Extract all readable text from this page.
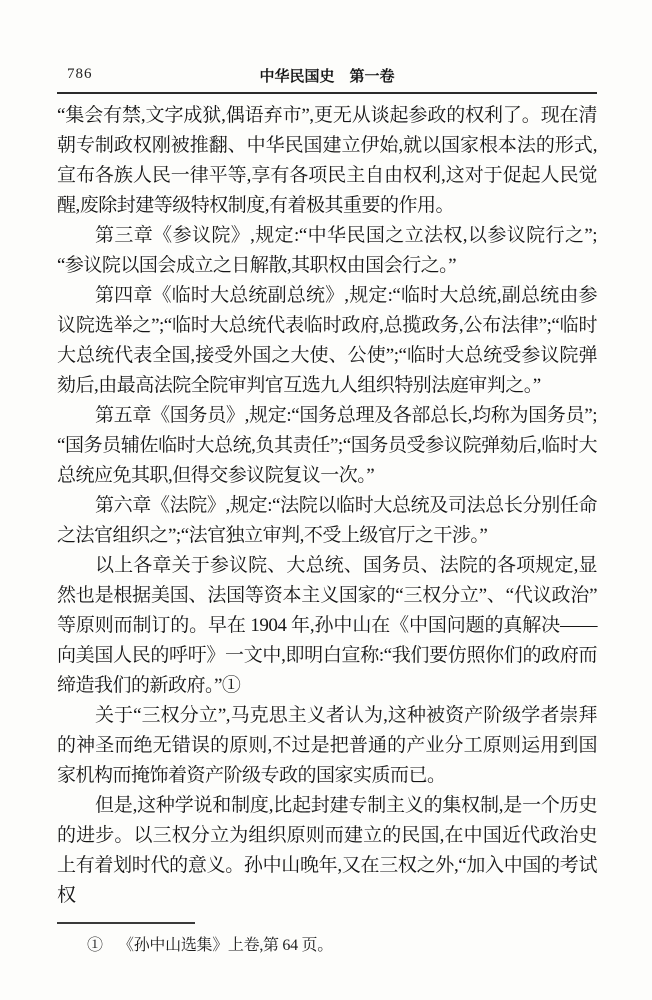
786	中华民国史 第一卷

“集会有禁,文字成狱,偶语弃市”,更无从谈起参政的权利了。现在清朝专制政权刚被推翻、中华民国建立伊始,就以国家根本法的形式,宣布各族人民一律平等,享有各项民主自由权利,这对于促起人民觉醒,废除封建等级特权制度,有着极其重要的作用。

第三章《参议院》,规定:“中华民国之立法权,以参议院行之”;“参议院以国会成立之日解散,其职权由国会行之。”

第四章《临时大总统副总统》,规定:“临时大总统,副总统由参议院选举之”;“临时大总统代表临时政府,总揽政务,公布法律”;“临时大总统代表全国,接受外国之大使、公使”;“临时大总统受参议院弹劾后,由最高法院全院审判官互选九人组织特别法庭审判之。”

第五章《国务员》,规定:“国务总理及各部总长,均称为国务员”;“国务员辅佐临时大总统,负其责任”;“国务员受参议院弹劾后,临时大总统应免其职,但得交参议院复议一次。”

第六章《法院》,规定:“法院以临时大总统及司法总长分别任命之法官组织之”;“法官独立审判,不受上级官厅之干涉。”

以上各章关于参议院、大总统、国务员、法院的各项规定,显然也是根据美国、法国等资本主义国家的“三权分立”、“代议政治”等原则而制订的。早在 1904 年,孙中山在《中国问题的真解决——向美国人民的呼吁》一文中,即明白宣称:“我们要仿照你们的政府而缔造我们的新政府。”①

关于“三权分立”,马克思主义者认为,这种被资产阶级学者崇拜的神圣而绝无错误的原则,不过是把普通的产业分工原则运用到国家机构而掩饰着资产阶级专政的国家实质而已。

但是,这种学说和制度,比起封建专制主义的集权制,是一个历史的进步。以三权分立为组织原则而建立的民国,在中国近代政治史上有着划时代的意义。孙中山晚年,又在三权之外,“加入中国的考试权

① 《孙中山选集》上卷,第 64 页。
